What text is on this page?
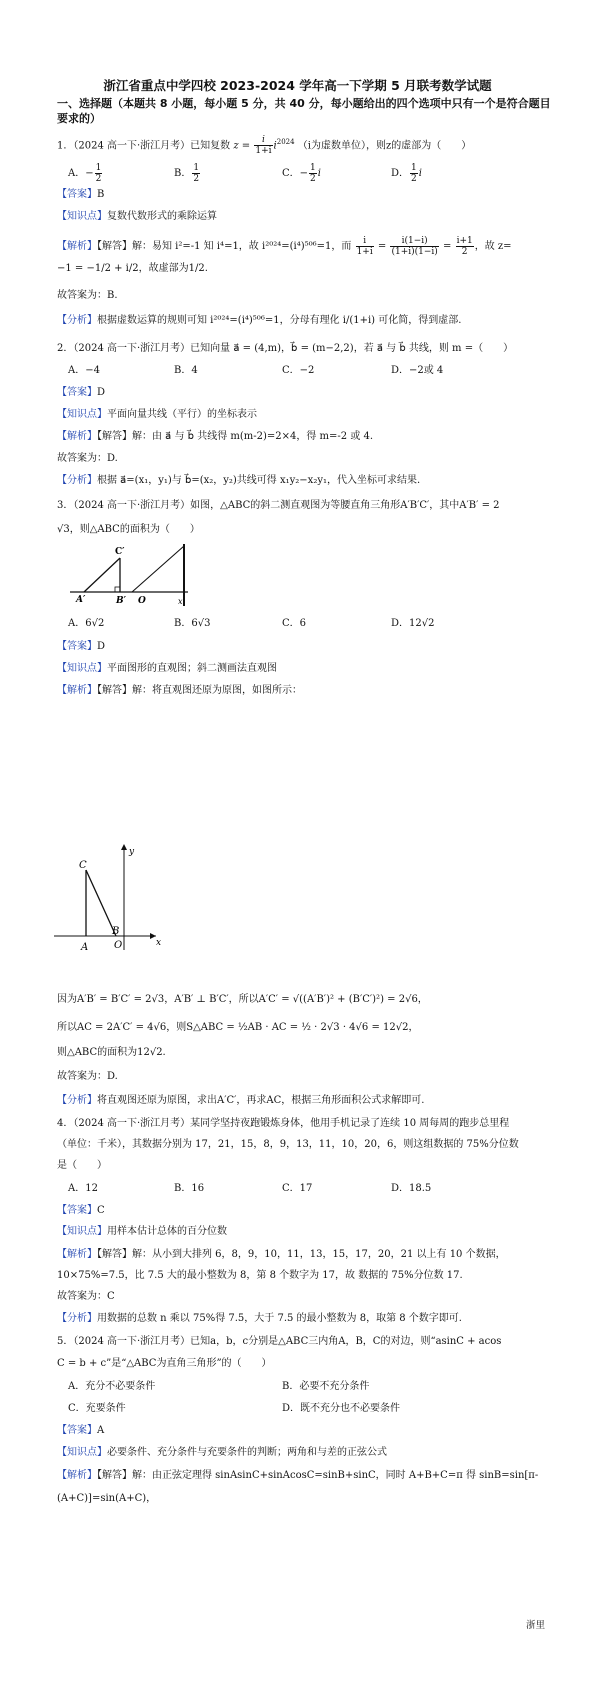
浙江省重点中学四校 2023-2024 学年高一下学期 5 月联考数学试题
一、选择题（本题共 8 小题，每小题 5 分，共 40 分，每小题给出的四个选项中只有一个是符合题目要求的）
1．（2024 高一下·浙江月考）已知复数 $z = \frac{i}{1+i} i^{2024}$ （i为虚数单位），则z的虚部为（　　）
A．− $\frac{1}{2}$	B． $\frac{1}{2}$	C．− $\frac{1}{2}$ i	D． $\frac{1}{2}$ i
【答案】B
【知识点】复数代数形式的乘除运算
【解析】【解答】解：易知 i²=-1 知 i⁴=1，故 i²⁰²⁴=(i⁴)⁵⁰⁶=1，而 $\frac{i}{1+i} = \frac{i(1-i)}{(1+i)(1-i)} = \frac{i+1}{2}$ ，故 z=
−1 = −1/2 + i/2，故虚部为1/2.
故答案为：B.
【分析】根据虚数运算的规则可知 i²⁰²⁴=(i⁴)⁵⁰⁶=1，分母有理化 i/(1+i) 可化简，得到虚部.
2．（2024 高一下·浙江月考）已知向量 a⃗ = (4,m)，b⃗ = (m−2,2)，若 a⃗ 与 b⃗ 共线，则 m =（　　）
A．−4	B．4	C．−2	D．−2或 4
【答案】D
【知识点】平面向量共线（平行）的坐标表示
【解析】【解答】解：由 a⃗ 与 b⃗ 共线得 m(m-2)=2×4，得 m=-2 或 4.
故答案为：D.
【分析】根据 a⃗=(x₁，y₁)与 b⃗=(x₂，y₂)共线可得 x₁y₂−x₂y₁，代入坐标可求结果.
3．（2024 高一下·浙江月考）如图，△ABC的斜二测直观图为等腰直角三角形A′B′C′，其中A′B′ = 2
√3，则△ABC的面积为（　　）
C′
A′	B′ O	x
A．6√2	B．6√3	C．6	D．12√2
【答案】D
【知识点】平面图形的直观图；斜二测画法直观图
【解析】【解答】解：将直观图还原为原图，如图所示：
y
C
A
B
O	x
因为A′B′ = B′C′ = 2√3，A′B′ ⊥ B′C′，所以A′C′ = √((A′B′)² + (B′C′)²) = 2√6，
所以AC = 2A′C′ = 4√6，则S△ABC = ½AB · AC = ½ · 2√3 · 4√6 = 12√2，
则△ABC的面积为12√2.
故答案为：D.
【分析】将直观图还原为原图，求出A′C′，再求AC，根据三角形面积公式求解即可.
4．（2024 高一下·浙江月考）某同学坚持夜跑锻炼身体，他用手机记录了连续 10 周每周的跑步总里程
（单位：千米），其数据分别为 17，21，15，8，9，13，11，10，20，6，则这组数据的 75%分位数
是（　　）
A．12	B．16	C．17	D．18.5
【答案】C
【知识点】用样本估计总体的百分位数
【解析】【解答】解：从小到大排列 6，8，9，10，11，13，15，17，20，21 以上有 10 个数据，
10×75%=7.5，比 7.5 大的最小整数为 8，第 8 个数字为 17，故 数据的 75%分位数 17.
故答案为：C
【分析】用数据的总数 n 乘以 75%得 7.5，大于 7.5 的最小整数为 8，取第 8 个数字即可.
5．（2024 高一下·浙江月考）已知a，b，c分别是△ABC三内角A，B，C的对边，则“asinC + acos
C = b + c”是“△ABC为直角三角形”的（　　）
A．充分不必要条件	B．必要不充分条件
C．充要条件	D．既不充分也不必要条件
【答案】A
【知识点】必要条件、充分条件与充要条件的判断；两角和与差的正弦公式
【解析】【解答】解：由正弦定理得 sinAsinC+sinAcosC=sinB+sinC，同时 A+B+C=π 得 sinB=sin[π-
(A+C)]=sin(A+C)，
浙里
